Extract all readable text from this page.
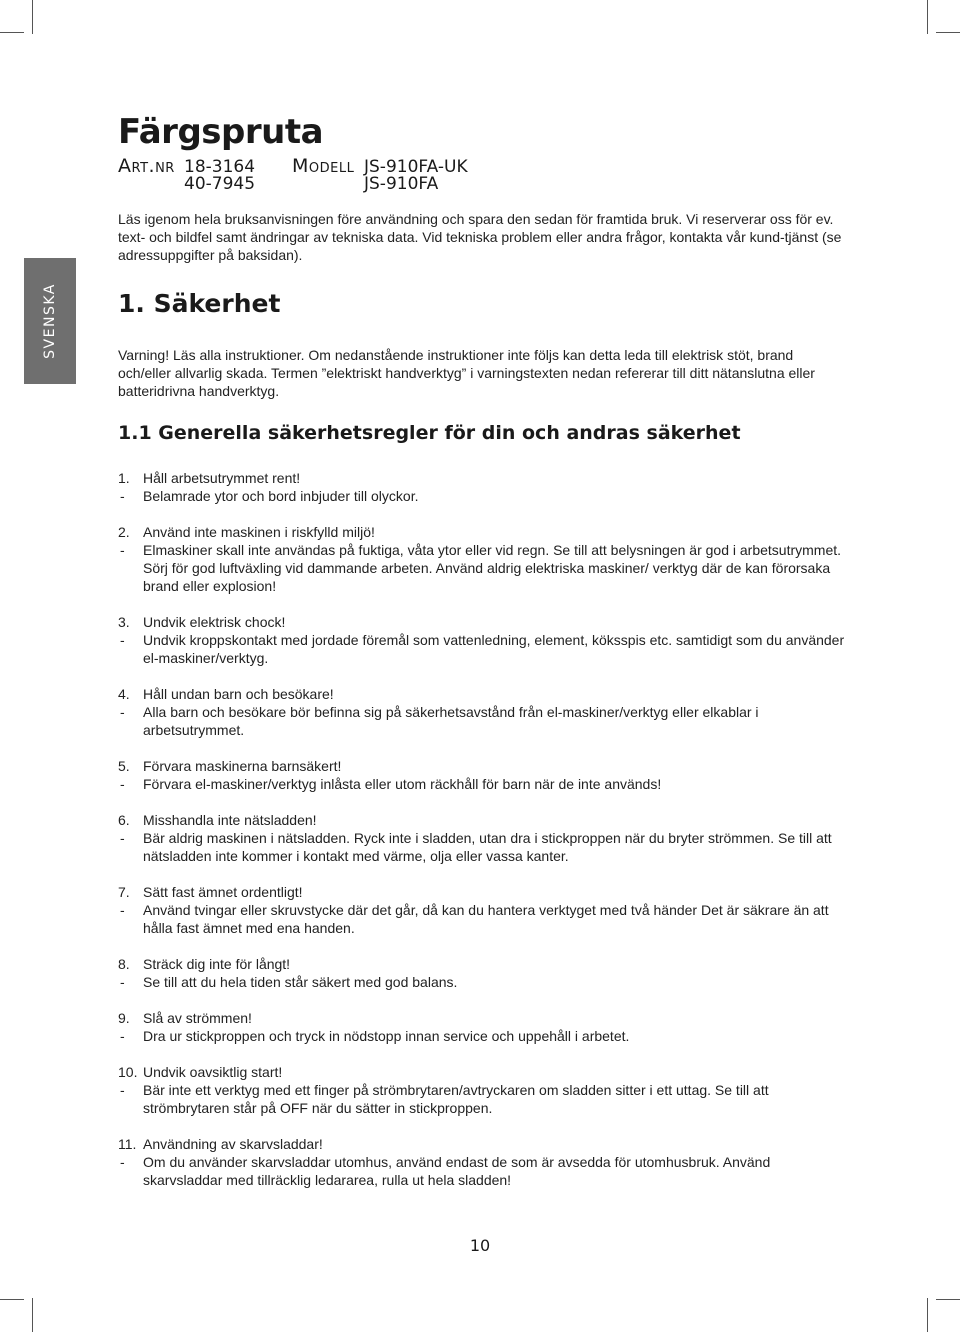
SVENSKA
Färgspruta
Art.nr 18-3164	Modell JS-910FA-UK
40-7945	JS-910FA

Läs igenom hela bruksanvisningen före användning och spara den sedan för framtida bruk. Vi reserverar oss för ev. text- och bildfel samt ändringar av tekniska data. Vid tekniska problem eller andra frågor, kontakta vår kund-tjänst (se adressuppgifter på baksidan).

1. Säkerhet

Varning! Läs alla instruktioner. Om nedanstående instruktioner inte följs kan detta leda till elektrisk stöt, brand och/eller allvarlig skada. Termen ”elektriskt handverktyg” i varningstexten nedan refererar till ditt nätanslutna eller batteridrivna handverktyg.

1.1 Generella säkerhetsregler för din och andras säkerhet
1. Håll arbetsutrymmet rent!
-	Belamrade ytor och bord inbjuder till olyckor.
2. Använd inte maskinen i riskfylld miljö!
-	Elmaskiner skall inte användas på fuktiga, våta ytor eller vid regn. Se till att belysningen är god i arbetsutrymmet. Sörj för god luftväxling vid dammande arbeten. Använd aldrig elektriska maskiner/ verktyg där de kan förorsaka brand eller explosion!
3. Undvik elektrisk chock!
-	Undvik kroppskontakt med jordade föremål som vattenledning, element, köksspis etc. samtidigt som du använder el-maskiner/verktyg.
4. Håll undan barn och besökare!
-	Alla barn och besökare bör befinna sig på säkerhetsavstånd från el-maskiner/verktyg eller elkablar i arbetsutrymmet.
5. Förvara maskinerna barnsäkert!
-	Förvara el-maskiner/verktyg inlåsta eller utom räckhåll för barn när de inte används!
6. Misshandla inte nätsladden!
-	Bär aldrig maskinen i nätsladden. Ryck inte i sladden, utan dra i stickproppen när du bryter strömmen. Se till att nätsladden inte kommer i kontakt med värme, olja eller vassa kanter.
7. Sätt fast ämnet ordentligt!
-	Använd tvingar eller skruvstycke där det går, då kan du hantera verktyget med två händer Det är säkrare än att hålla fast ämnet med ena handen.
8. Sträck dig inte för långt!
-	Se till att du hela tiden står säkert med god balans.
9. Slå av strömmen!
-	Dra ur stickproppen och tryck in nödstopp innan service och uppehåll i arbetet.
10. Undvik oavsiktlig start!
-	Bär inte ett verktyg med ett finger på strömbrytaren/avtryckaren om sladden sitter i ett uttag. Se till att strömbrytaren står på OFF när du sätter in stickproppen.
11. Användning av skarvsladdar!
-	Om du använder skarvsladdar utomhus, använd endast de som är avsedda för utomhusbruk. Använd skarvsladdar med tillräcklig ledararea, rulla ut hela sladden!
10
